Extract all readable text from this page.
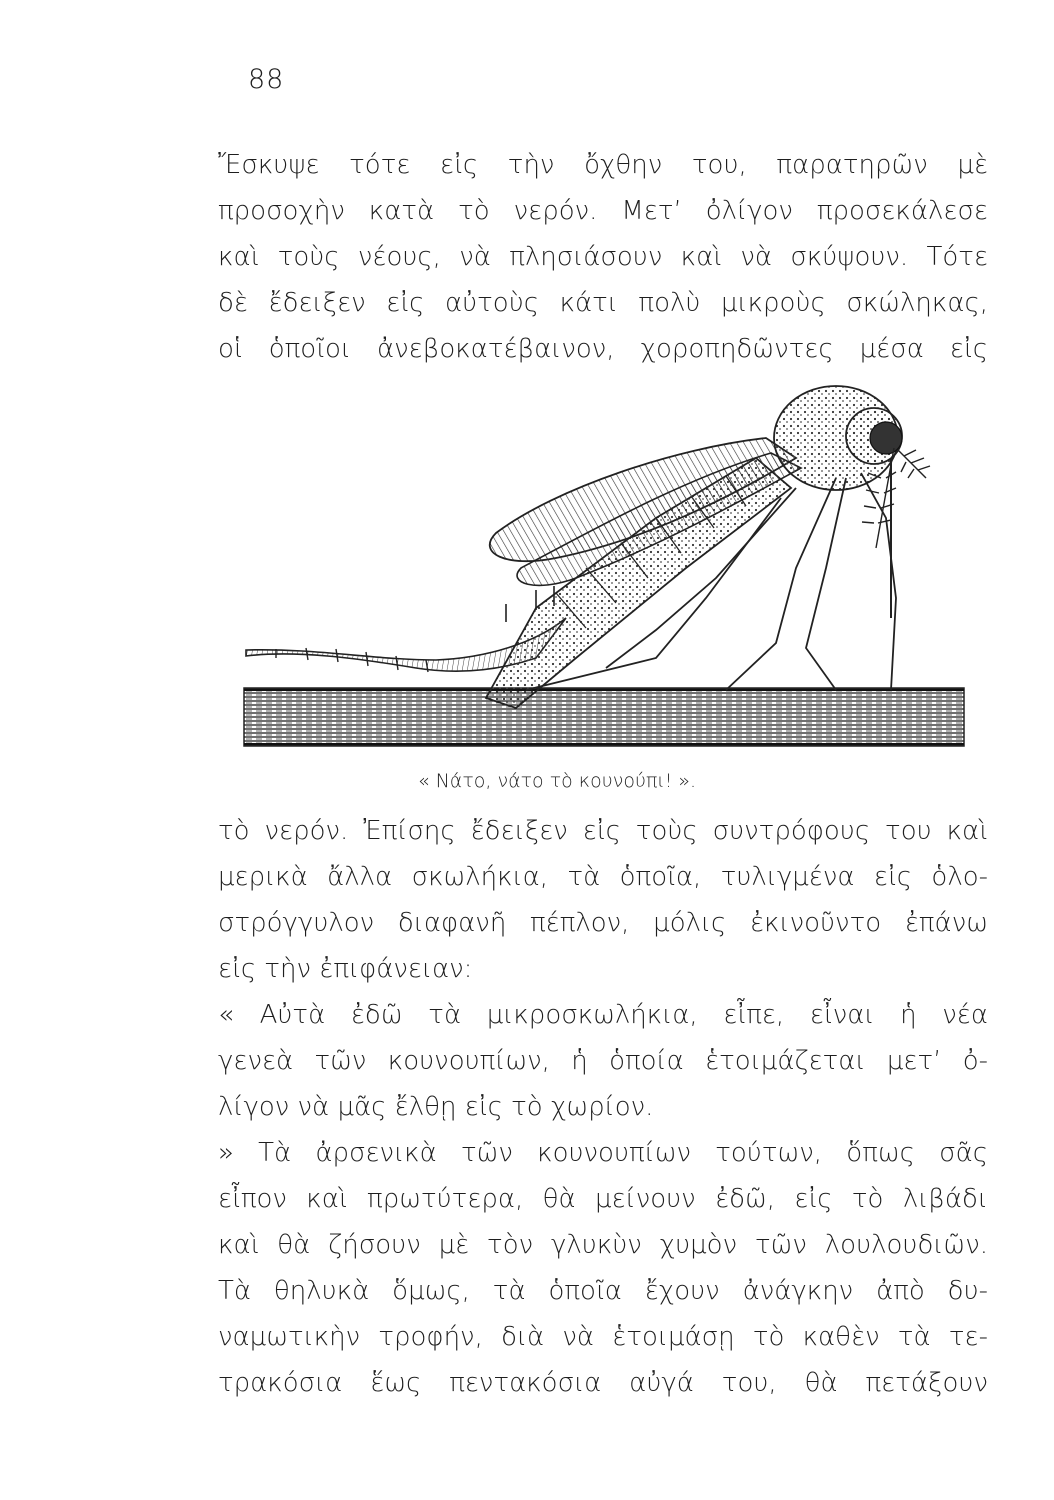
88
Ἔσκυψε τότε εἰς τὴν ὄχθην του, παρατηρῶν μὲ
προσοχὴν κατὰ τὸ νερόν. Μετ’ ὀλίγον προσεκάλεσε
καὶ τοὺς νέους, νὰ πλησιάσουν καὶ νὰ σκύψουν. Τότε
δὲ ἔδειξεν εἰς αὐτοὺς κάτι πολὺ μικροὺς σκώληκας,
οἱ ὁποῖοι ἀνεβοκατέβαινον, χοροπηδῶντες μέσα εἰς
« Νάτο, νάτο τὸ κουνούπι! ».
τὸ νερόν. Ἐπίσης ἔδειξεν εἰς τοὺς συντρόφους του καὶ
μερικὰ ἄλλα σκωλήκια, τὰ ὁποῖα, τυλιγμένα εἰς ὁλο-
στρόγγυλον διαφανῆ πέπλον, μόλις ἐκινοῦντο ἐπάνω
εἰς τὴν ἐπιφάνειαν:
« Αὐτὰ ἐδῶ τὰ μικροσκωλήκια, εἶπε, εἶναι ἡ νέα
γενεὰ τῶν κουνουπίων, ἡ ὁποία ἑτοιμάζεται μετ’ ὀ-
λίγον νὰ μᾶς ἔλθῃ εἰς τὸ χωρίον.
» Τὰ ἀρσενικὰ τῶν κουνουπίων τούτων, ὅπως σᾶς
εἶπον καὶ πρωτύτερα, θὰ μείνουν ἐδῶ, εἰς τὸ λιβάδι
καὶ θὰ ζήσουν μὲ τὸν γλυκὺν χυμὸν τῶν λουλουδιῶν.
Τὰ θηλυκὰ ὅμως, τὰ ὁποῖα ἔχουν ἀνάγκην ἀπὸ δυ-
ναμωτικὴν τροφήν, διὰ νὰ ἑτοιμάσῃ τὸ καθὲν τὰ τε-
τρακόσια ἕως πεντακόσια αὐγά του, θὰ πετάξουν
